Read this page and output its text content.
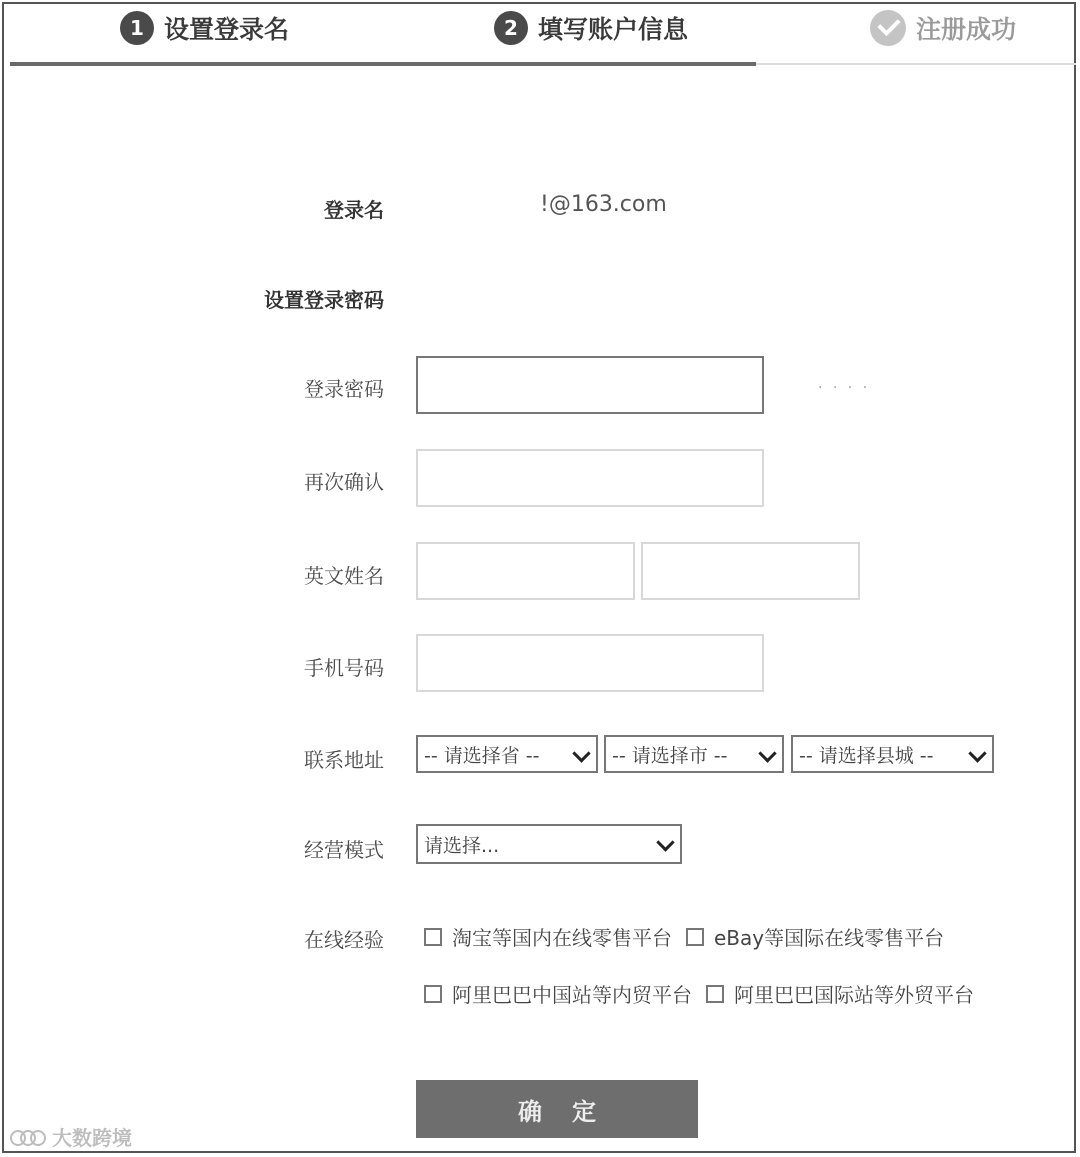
1 设置登录名	2 填写账户信息	注册成功
登录名	!@163.com
设置登录密码
登录密码	· · · ·
再次确认
英文姓名
手机号码
联系地址 -- 请选择省 --	-- 请选择市 --	-- 请选择县城 --
经营模式 请选择...
在线经验	淘宝等国内在线零售平台 eBay等国际在线零售平台
阿里巴巴中国站等内贸平台 阿里巴巴国际站等外贸平台
确定
大数跨境
